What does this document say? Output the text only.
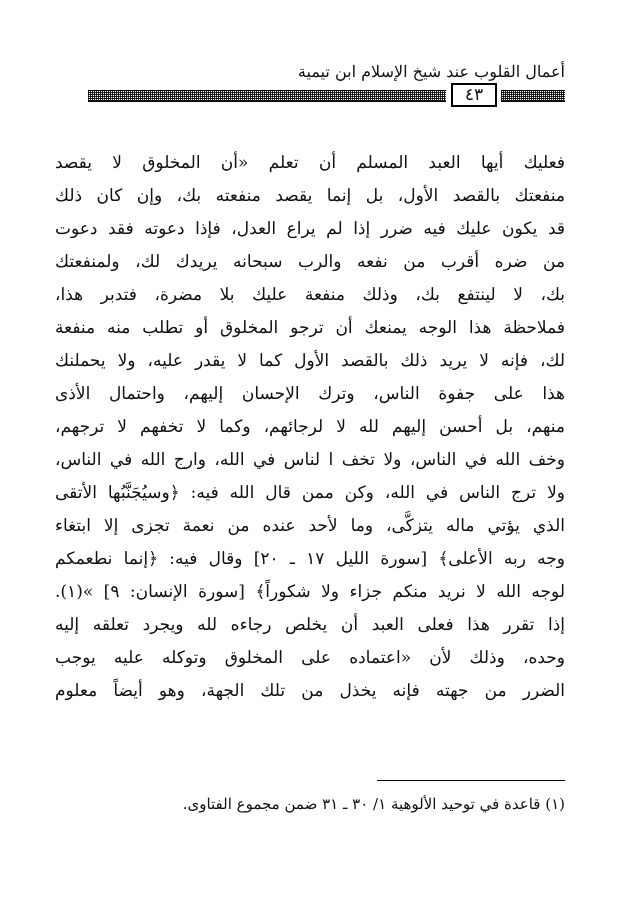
أعمال القلوب عند شيخ الإسلام ابن تيمية
٤٣
فعليك أيها العبد المسلم أن تعلم «أن المخلوق لا يقصد
منفعتك بالقصد الأول، بل إنما يقصد منفعته بك، وإن كان ذلك
قد يكون عليك فيه ضرر إذا لم يراع العدل، فإذا دعوته فقد دعوت
من ضره أقرب من نفعه والرب سبحانه يريدك لك، ولمنفعتك
بك، لا لينتفع بك، وذلك منفعة عليك بلا مضرة، فتدبر هذا،
فملاحظة هذا الوجه يمنعك أن ترجو المخلوق أو تطلب منه منفعة
لك، فإنه لا يريد ذلك بالقصد الأول كما لا يقدر عليه، ولا يحملنك
هذا على جفوة الناس، وترك الإحسان إليهم، واحتمال الأذى
منهم، بل أحسن إليهم لله لا لرجائهم، وكما لا تخفهم لا ترجهم،
وخف الله في الناس، ولا تخف ا لناس في الله، وارج الله في الناس،
ولا ترج الناس في الله، وكن ممن قال الله فيه: ﴿وسيُجَنَّبُها الأتقى
الذي يؤتي ماله يتزكَّى، وما لأحد عنده من نعمة تجزى إلا ابتغاء
وجه ربه الأعلى﴾ [سورة الليل ١٧ ـ ٢٠] وقال فيه: ﴿إنما نطعمكم
لوجه الله لا نريد منكم جزاء ولا شكوراً﴾ [سورة الإنسان: ٩] »(١).
إذا تقرر هذا فعلى العبد أن يخلص رجاءه لله ويجرد تعلقه إليه
وحده، وذلك لأن «اعتماده على المخلوق وتوكله عليه يوجب
الضرر من جهته فإنه يخذل من تلك الجهة، وهو أيضاً معلوم
(١) قاعدة في توحيد الألوهية ١/ ٣٠ ـ ٣١ ضمن مجموع الفتاوى.
